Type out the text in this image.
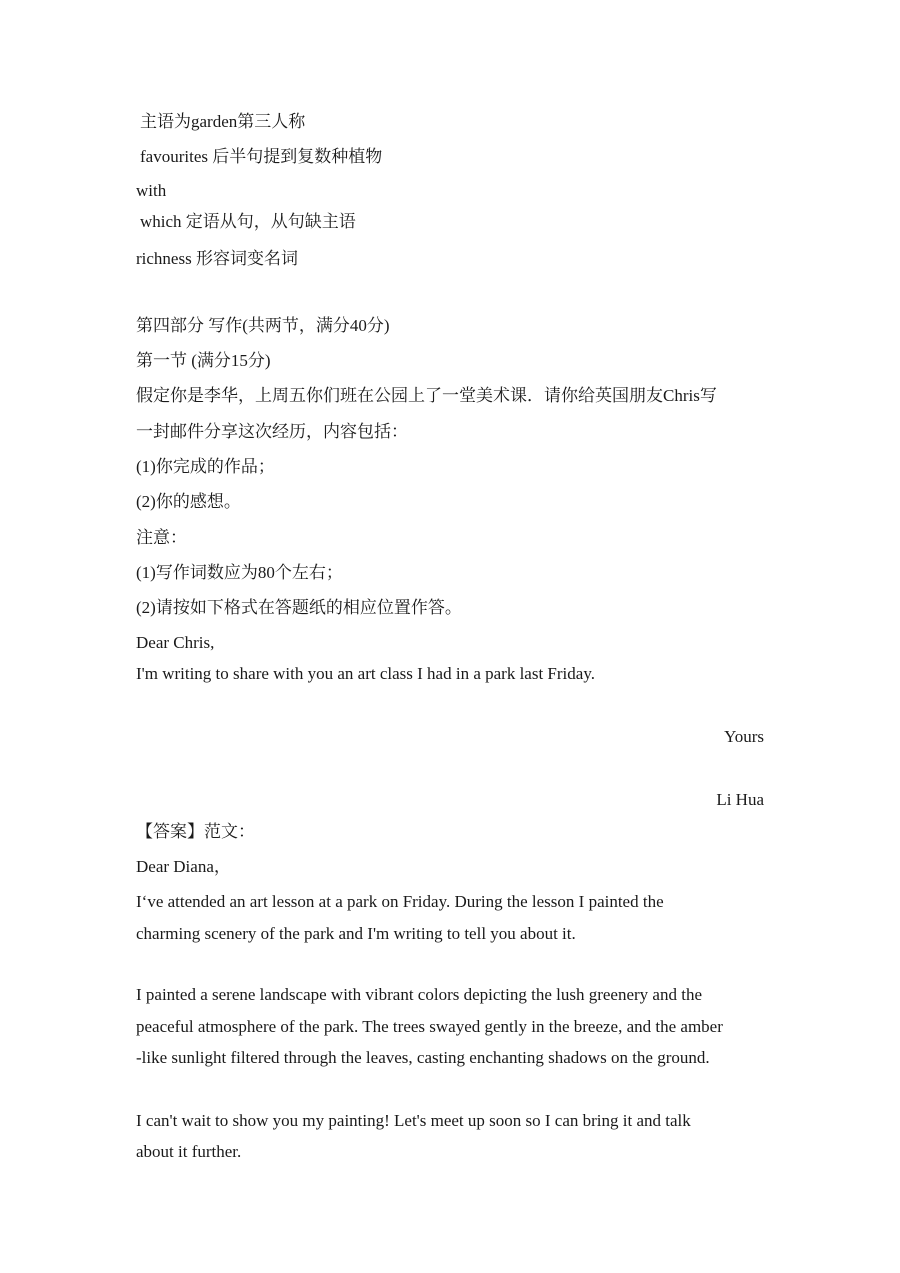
主语为garden第三人称
favourites 后半句提到复数种植物
with
which 定语从句，从句缺主语
richness 形容词变名词
第四部分 写作(共两节，满分40分)
第一节 (满分15分)
假定你是李华，上周五你们班在公园上了一堂美术课．请你给英国朋友Chris写
一封邮件分享这次经历，内容包括：
(1)你完成的作品；
(2)你的感想。
注意：
(1)写作词数应为80个左右；
(2)请按如下格式在答题纸的相应位置作答。
Dear Chris,
I'm writing to share with you an art class I had in a park last Friday.
Yours
Li Hua
【答案】范文：
Dear Diana，
I‘ve attended an art lesson at a park on Friday. During the lesson I painted the
charming scenery of the park and I'm writing to tell you about it.
I painted a serene landscape with vibrant colors depicting the lush greenery and the
peaceful atmosphere of the park. The trees swayed gently in the breeze, and the amber
-like sunlight filtered through the leaves, casting enchanting shadows on the ground.
I can't wait to show you my painting! Let's meet up soon so I can bring it and talk
about it further.
